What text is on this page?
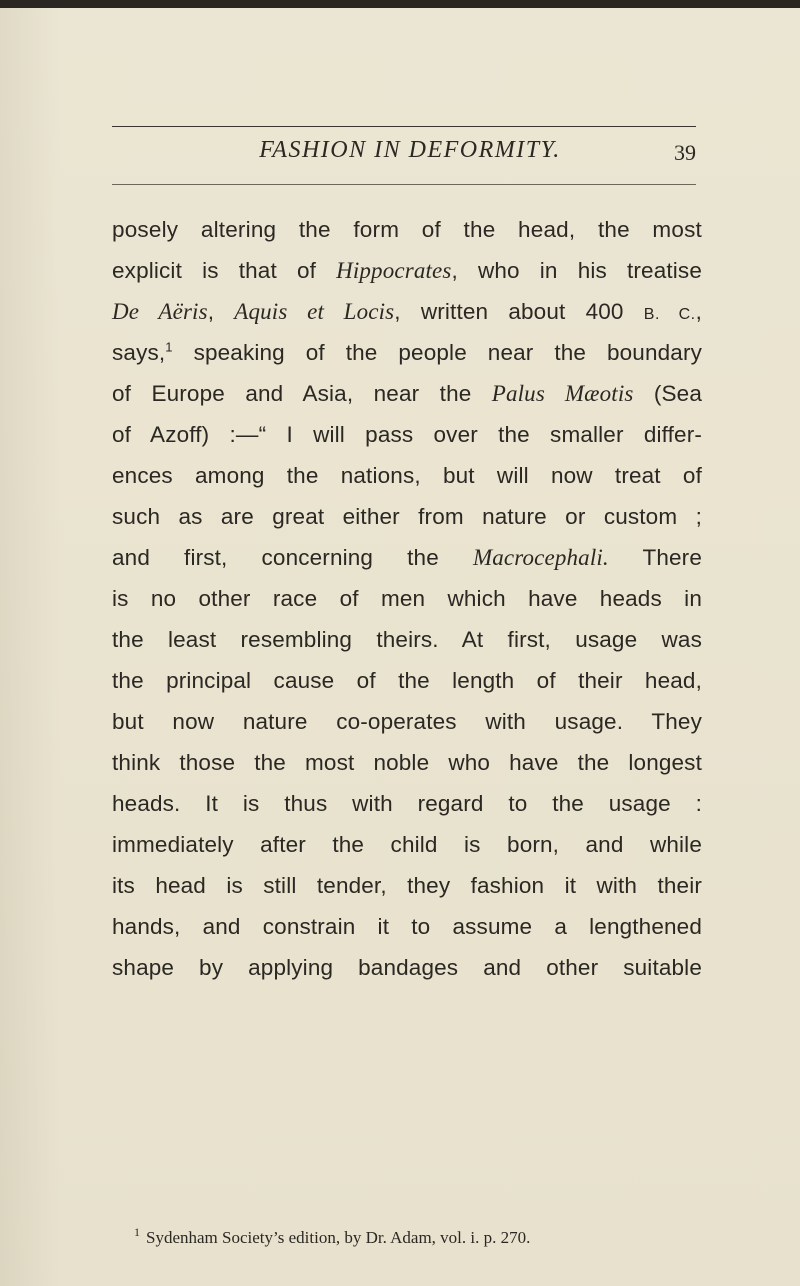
FASHION IN DEFORMITY.	39
posely altering the form of the head, the most
explicit is that of Hippocrates, who in his treatise
De Aëris, Aquis et Locis, written about 400 B. C.,
says,$^1$ speaking of the people near the boundary
of Europe and Asia, near the Palus Mæotis (Sea
of Azoff) :—“ I will pass over the smaller differ-
ences among the nations, but will now treat of
such as are great either from nature or custom ;
and first, concerning the Macrocephali. There
is no other race of men which have heads in
the least resembling theirs. At first, usage was
the principal cause of the length of their head,
but now nature co-operates with usage. They
think those the most noble who have the longest
heads. It is thus with regard to the usage :
immediately after the child is born, and while
its head is still tender, they fashion it with their
hands, and constrain it to assume a lengthened
shape by applying bandages and other suitable
$^1$ Sydenham Society’s edition, by Dr. Adam, vol. i. p. 270.
